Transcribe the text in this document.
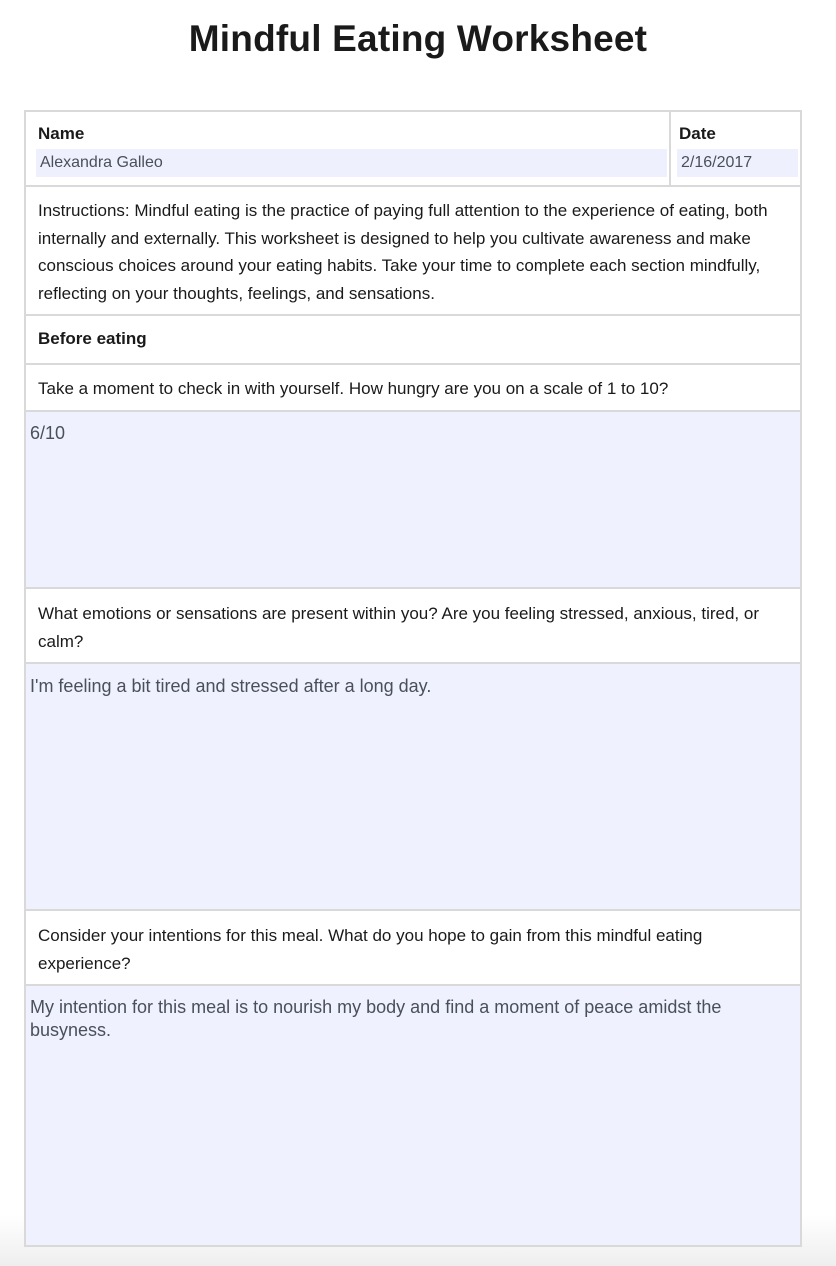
Mindful Eating Worksheet
Name
Alexandra Galleo
Date
2/16/2017
Instructions: Mindful eating is the practice of paying full attention to the experience of eating, both internally and externally. This worksheet is designed to help you cultivate awareness and make conscious choices around your eating habits. Take your time to complete each section mindfully, reflecting on your thoughts, feelings, and sensations.
Before eating
Take a moment to check in with yourself. How hungry are you on a scale of 1 to 10?
6/10
What emotions or sensations are present within you? Are you feeling stressed, anxious, tired, or calm?
I'm feeling a bit tired and stressed after a long day.
Consider your intentions for this meal. What do you hope to gain from this mindful eating experience?
My intention for this meal is to nourish my body and find a moment of peace amidst the busyness.
